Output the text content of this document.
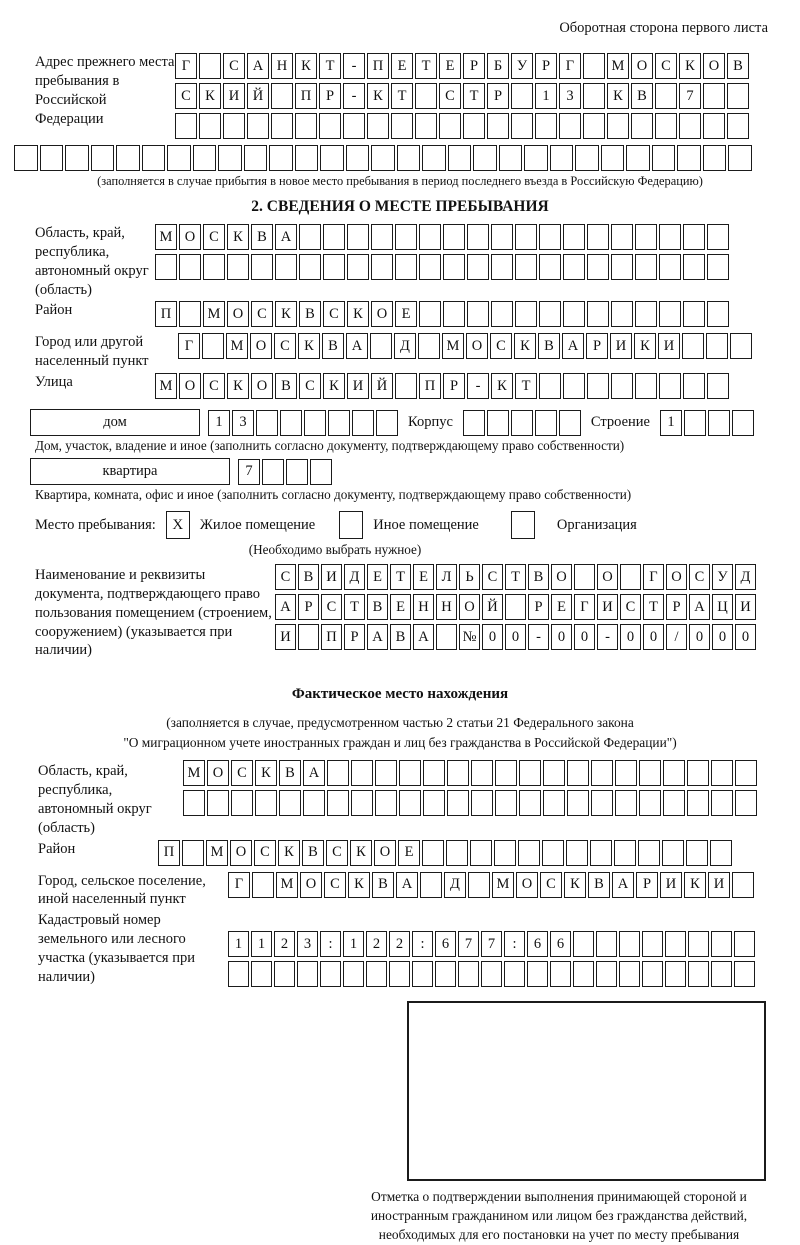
Оборотная сторона первого листа
Адрес прежнего места пребывания в Российской Федерации
Г	С А Н К	Т	-	П Е	Т	Е	Р	Б	У	Р	Г	М О С К О В
С К И Й	П	Р	-	К	Т	С	Т	Р	1	3	К В	7
(заполняется в случае прибытия в новое место пребывания в период последнего въезда в Российскую Федерацию)
2. СВЕДЕНИЯ О МЕСТЕ ПРЕБЫВАНИЯ
Область, край, республика, автономный округ (область)
М О С К В А
Район	П	М О С К В С К О Е
Город или другой населенный пункт
Г	М О С К В А	Д	М О С К В А	Р	И К И
Улица	М О С К О В С К И Й	П	Р	-	К	Т
дом	1	3	Корпус	Строение	1
Дом, участок, владение и иное (заполнить согласно документу, подтверждающему право собственности)
квартира	7
Квартира, комната, офис и иное (заполнить согласно документу, подтверждающему право собственности)
Место пребывания:	X	Жилое помещение	Иное помещение	Организация
(Необходимо выбрать нужное)
Наименование и реквизиты документа, подтверждающего право пользования помещением (строением, сооружением) (указывается при наличии)
С В И Д Е Т Е Л Ь С Т В О	О	Г О С У Д
А Р С Т В Е Н Н О Й	Р	Е Г И С Т	Р А Ц И
И	П Р А В А	№ 0	0	-	0	0	-	0	0	/	0	0	0
Фактическое место нахождения
(заполняется в случае, предусмотренном частью 2 статьи 21 Федерального закона
"О миграционном учете иностранных граждан и лиц без гражданства в Российской Федерации")
Область, край, республика, автономный округ (область)
М О С К В А
Район	П	М О С К В С К О Е
Город, сельское поселение, иной населенный пункт
Г	М О С К В А	Д	М О С К В А	Р	И К И
Кадастровый номер земельного или лесного участка (указывается при наличии)
1	1	2	3	:	1	2	2	:	6	7	7	:	6	6
Отметка о подтверждении выполнения принимающей стороной и иностранным гражданином или лицом без гражданства действий, необходимых для его постановки на учет по месту пребывания
